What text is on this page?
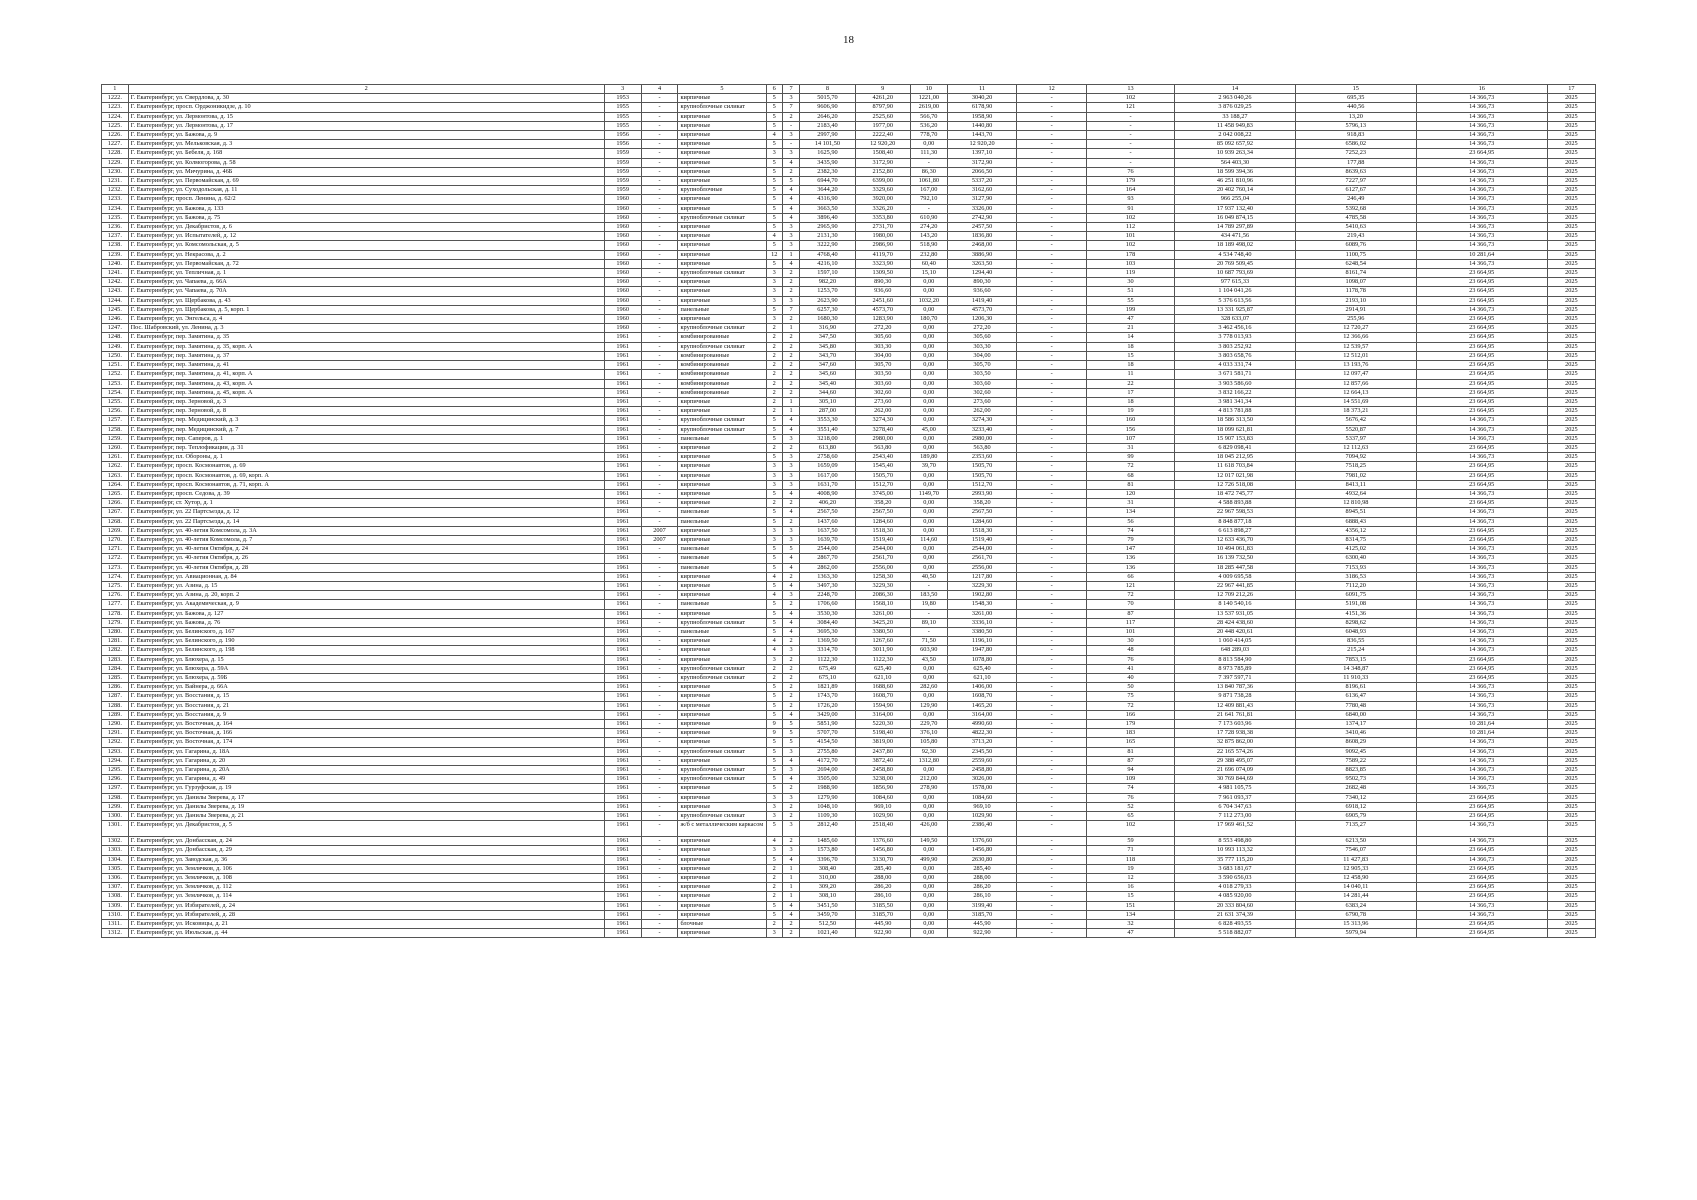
18
1	2	3	4	5	6	7	8	9	10	11	12	13	14	15	16	17
1222.	Г. Екатеринбург, ул. Свердлова, д. 30	1953	-	кирпичные	5	3	5015,70	4261,20	1221,00	3040,20	-	102	2 963 040,26	695,35	14 366,73	2025
1223.	Г. Екатеринбург, просп. Орджоникидзе, д. 10	1955	-	крупноблочные силикат	5	7	9606,90	8797,90	2619,00	6178,90	-	121	3 876 029,25	440,56	14 366,73	2025
1224.	Г. Екатеринбург, ул. Лермонтова, д. 15	1955	-	кирпичные	5	2	2646,20	2525,60	566,70	1958,90	-	-	33 188,27	13,20	14 366,73	2025
1225.	Г. Екатеринбург, ул. Лермонтова, д. 17	1955	-	кирпичные	5	-	2183,40	1977,00	536,20	1440,80	-	-	11 458 949,83	5796,13	14 366,73	2025
1226.	Г. Екатеринбург, ул. Бажова, д. 9	1956	-	кирпичные	4	3	2997,90	2222,40	778,70	1443,70	-	-	2 042 008,22	918,83	14 366,73	2025
1227.	Г. Екатеринбург, ул. Мельковская, д. 3	1956	-	кирпичные	5	-	14 101,50	12 920,20	0,00	12 920,20	-	-	85 092 657,92	6586,02	14 366,73	2025
1228.	Г. Екатеринбург, ул. Бебеля, д. 168	1959	-	кирпичные	3	3	1625,90	1508,40	111,30	1397,10	-	-	10 939 263,34	7252,23	23 664,95	2025
1229.	Г. Екатеринбург, ул. Колмогорова, д. 58	1959	-	кирпичные	5	4	3435,90	3172,90	-	3172,90	-	-	564 403,30	177,88	14 366,73	2025
1230.	Г. Екатеринбург, ул. Мичурина, д. 46Б	1959	-	кирпичные	5	2	2382,30	2152,80	86,30	2066,50	-	76	18 599 394,36	8639,63	14 366,73	2025
1231.	Г. Екатеринбург, ул. Первомайская, д. 69	1959	-	кирпичные	5	5	6944,70	6399,00	1061,80	5337,20	-	179	46 251 810,96	7227,97	14 366,73	2025
1232.	Г. Екатеринбург, ул. Суходольская, д. 11	1959	-	крупноблочные	5	4	3644,20	3329,60	167,00	3162,60	-	164	20 402 760,14	6127,67	14 366,73	2025
1233.	Г. Екатеринбург, просп. Ленина, д. 62/2	1960	-	кирпичные	5	4	4316,90	3920,00	792,10	3127,90	-	93	966 255,04	246,49	14 366,73	2025
1234.	Г. Екатеринбург, ул. Бажова, д. 133	1960	-	кирпичные	5	4	3663,50	3326,20	-	3326,00	-	91	17 937 132,40	5392,68	14 366,73	2025
1235.	Г. Екатеринбург, ул. Бажова, д. 75	1960	-	крупноблочные силикат	5	4	3896,40	3353,80	610,90	2742,90	-	102	16 049 874,15	4785,58	14 366,73	2025
1236.	Г. Екатеринбург, ул. Декабристов, д. 6	1960	-	кирпичные	5	3	2965,90	2731,70	274,20	2457,50	-	112	14 789 297,89	5410,63	14 366,73	2025
1237.	Г. Екатеринбург, ул. Испытателей, д. 12	1960	-	кирпичные	4	3	2131,30	1980,00	143,20	1836,80	-	101	434 471,56	219,43	14 366,73	2025
1238.	Г. Екатеринбург, ул. Комсомольская, д. 5	1960	-	кирпичные	5	3	3222,90	2986,90	518,90	2468,00	-	102	18 189 498,02	6089,76	14 366,73	2025
1239.	Г. Екатеринбург, ул. Некрасова, д. 2	1960	-	кирпичные	12	1	4768,40	4119,70	232,80	3886,90	-	178	4 534 748,40	1100,75	10 281,64	2025
1240.	Г. Екатеринбург, ул. Первомайская, д. 72	1960	-	кирпичные	5	4	4216,10	3323,90	60,40	3263,50	-	103	20 769 509,45	6248,54	14 366,73	2025
1241.	Г. Екатеринбург, ул. Тепличная, д. 1	1960	-	крупноблочные силикат	3	2	1597,10	1309,50	15,10	1294,40	-	119	10 687 793,69	8161,74	23 664,95	2025
1242.	Г. Екатеринбург, ул. Чапаева, д. 66А	1960	-	кирпичные	3	2	982,20	890,30	0,00	890,30	-	30	977 615,33	1098,07	23 664,95	2025
1243.	Г. Екатеринбург, ул. Чапаева, д. 70А	1960	-	кирпичные	3	2	1253,70	936,60	0,00	936,60	-	51	1 104 041,26	1178,78	23 664,95	2025
1244.	Г. Екатеринбург, ул. Щербакова, д. 43	1960	-	кирпичные	3	3	2623,90	2451,60	1032,20	1419,40	-	55	5 376 613,56	2193,10	23 664,95	2025
1245.	Г. Екатеринбург, ул. Щербакова, д. 5, корп. 1	1960	-	панельные	5	7	6257,30	4573,70	0,00	4573,70	-	199	13 331 925,87	2914,91	14 366,73	2025
1246.	Г. Екатеринбург, ул. Энгельса, д. 4	1960	-	кирпичные	3	2	1680,30	1283,90	180,70	1206,30	-	47	328 633,07	255,96	23 664,95	2025
1247.	Пос. Шабровский, ул. Ленина, д. 3	1960	-	крупноблочные силикат	2	1	316,90	272,20	0,00	272,20	-	21	3 462 456,16	12 720,27	23 664,95	2025
1248.	Г. Екатеринбург, пер. Замятина, д. 35	1961	-	комбинированные	2	2	347,50	305,60	0,00	305,60	-	14	3 778 013,93	12 366,66	23 664,95	2025
1249.	Г. Екатеринбург, пер. Замятина, д. 35, корп. А	1961	-	крупноблочные силикат	2	2	345,80	303,30	0,00	303,30	-	18	3 803 252,92	12 539,57	23 664,95	2025
1250.	Г. Екатеринбург, пер. Замятина, д. 37	1961	-	комбинированные	2	2	343,70	304,00	0,00	304,00	-	15	3 803 658,76	12 512,01	23 664,95	2025
1251.	Г. Екатеринбург, пер. Замятина, д. 41	1961	-	комбинированные	2	2	347,60	305,70	0,00	305,70	-	18	4 033 331,74	13 193,76	23 664,95	2025
1252.	Г. Екатеринбург, пер. Замятина, д. 41, корп. А	1961	-	комбинированные	2	2	345,60	303,50	0,00	303,50	-	11	3 671 581,71	12 097,47	23 664,95	2025
1253.	Г. Екатеринбург, пер. Замятина, д. 43, корп. А	1961	-	комбинированные	2	2	345,40	303,60	0,00	303,60	-	22	3 903 586,60	12 857,66	23 664,95	2025
1254.	Г. Екатеринбург, пер. Замятина, д. 45, корп. А	1961	-	комбинированные	2	2	344,60	302,60	0,00	302,60	-	17	3 832 166,22	12 664,13	23 664,95	2025
1255.	Г. Екатеринбург, пер. Зерновой, д. 3	1961	-	кирпичные	2	1	305,10	273,60	0,00	273,60	-	18	3 981 341,34	14 551,69	23 664,95	2025
1256.	Г. Екатеринбург, пер. Зерновой, д. 8	1961	-	кирпичные	2	1	287,00	262,00	0,00	262,00	-	19	4 813 781,88	18 373,21	23 664,95	2025
1257.	Г. Екатеринбург, пер. Медицинский, д. 3	1961	-	крупноблочные силикат	5	4	3553,30	3274,30	0,00	3274,30	-	160	18 586 313,50	5676,42	14 366,73	2025
1258.	Г. Екатеринбург, пер. Медицинский, д. 7	1961	-	крупноблочные силикат	5	4	3551,40	3278,40	45,00	3233,40	-	156	18 099 621,81	5520,87	14 366,73	2025
1259.	Г. Екатеринбург, пер. Саперов, д. 1	1961	-	панельные	5	3	3218,00	2980,00	0,00	2980,00	-	107	15 907 153,83	5337,97	14 366,73	2025
1260.	Г. Екатеринбург, пер. Теплофикации, д. 31	1961	-	кирпичные	2	2	613,80	563,80	0,00	563,80	-	31	6 829 098,41	12 112,63	23 664,95	2025
1261.	Г. Екатеринбург, пл. Обороны, д. 1	1961	-	кирпичные	5	3	2758,60	2543,40	189,80	2353,60	-	99	18 045 212,95	7094,92	14 366,73	2025
1262.	Г. Екатеринбург, просп. Космонавтов, д. 69	1961	-	кирпичные	3	3	1659,09	1545,40	39,70	1505,70	-	72	11 618 703,84	7518,25	23 664,95	2025
1263.	Г. Екатеринбург, просп. Космонавтов, д. 69, корп. А	1961	-	кирпичные	3	3	1617,00	1505,70	0,00	1505,70	-	68	12 017 021,98	7981,02	23 664,95	2025
1264.	Г. Екатеринбург, просп. Космонавтов, д. 71, корп. А	1961	-	кирпичные	3	3	1631,70	1512,70	0,00	1512,70	-	81	12 726 518,08	8413,11	23 664,95	2025
1265.	Г. Екатеринбург, просп. Седова, д. 39	1961	-	кирпичные	5	4	4008,90	3745,00	1149,70	2993,90	-	120	18 472 745,77	4932,64	14 366,73	2025
1266.	Г. Екатеринбург, ст. Хутор, д. 1	1961	-	кирпичные	2	2	406,20	358,20	0,00	358,20	-	31	4 588 893,88	12 810,98	23 664,95	2025
1267.	Г. Екатеринбург, ул. 22 Партсъезда, д. 12	1961	-	панельные	5	4	2567,50	2567,50	0,00	2567,50	-	134	22 967 598,53	8945,51	14 366,73	2025
1268.	Г. Екатеринбург, ул. 22 Партсъезда, д. 14	1961	-	панельные	5	2	1437,60	1284,60	0,00	1284,60	-	56	8 848 877,18	6888,43	14 366,73	2025
1269.	Г. Екатеринбург, ул. 40-летия Комсомола, д. 3А	1961	2007	кирпичные	3	3	1637,50	1518,30	0,00	1518,30	-	74	6 613 898,27	4356,12	23 664,95	2025
1270.	Г. Екатеринбург, ул. 40-летия Комсомола, д. 7	1961	2007	кирпичные	3	3	1639,70	1519,40	114,60	1519,40	-	79	12 633 436,70	8314,75	23 664,95	2025
1271.	Г. Екатеринбург, ул. 40-летия Октября, д. 24	1961	-	панельные	5	5	2544,00	2544,00	0,00	2544,00	-	147	10 494 061,83	4125,02	14 366,73	2025
1272.	Г. Екатеринбург, ул. 40-летия Октября, д. 26	1961	-	панельные	5	4	2867,70	2561,70	0,00	2561,70	-	136	16 139 732,50	6300,40	14 366,73	2025
1273.	Г. Екатеринбург, ул. 40-летия Октября, д. 28	1961	-	панельные	5	4	2862,00	2556,00	0,00	2556,00	-	136	18 285 447,58	7153,93	14 366,73	2025
1274.	Г. Екатеринбург, ул. Авиационная, д. 84	1961	-	кирпичные	4	2	1363,30	1258,30	40,50	1217,80	-	66	4 009 695,58	3186,53	14 366,73	2025
1275.	Г. Екатеринбург, ул. Азина, д. 15	1961	-	кирпичные	5	4	3497,30	3229,30	-	3229,30	-	121	22 967 441,85	7112,20	14 366,73	2025
1276.	Г. Екатеринбург, ул. Азина, д. 20, корп. 2	1961	-	кирпичные	4	3	2248,70	2086,30	183,50	1902,80	-	72	12 709 212,26	6091,75	14 366,73	2025
1277.	Г. Екатеринбург, ул. Академическая, д. 9	1961	-	панельные	5	2	1706,60	1568,10	19,80	1548,30	-	70	8 140 540,16	5191,08	14 366,73	2025
1278.	Г. Екатеринбург, ул. Бажова, д. 127	1961	-	кирпичные	5	4	3530,30	3261,00	-	3261,00	-	87	13 537 931,05	4151,36	14 366,73	2025
1279.	Г. Екатеринбург, ул. Бажова, д. 76	1961	-	крупноблочные силикат	5	4	3084,40	3425,20	89,10	3336,10	-	117	28 424 438,60	8298,62	14 366,73	2025
1280.	Г. Екатеринбург, ул. Белинского, д. 167	1961	-	панельные	5	4	3695,30	3380,50	-	3380,50	-	101	20 448 420,61	6048,93	14 366,73	2025
1281.	Г. Екатеринбург, ул. Белинского, д. 190	1961	-	кирпичные	4	2	1369,50	1267,60	71,50	1196,10	-	30	1 060 414,05	836,55	14 366,73	2025
1282.	Г. Екатеринбург, ул. Белинского, д. 198	1961	-	кирпичные	4	3	3314,70	3011,90	603,90	1947,80	-	48	648 289,03	215,24	14 366,73	2025
1283.	Г. Екатеринбург, ул. Блюхера, д. 15	1961	-	кирпичные	3	2	1122,30	1122,30	43,50	1078,80	-	76	8 813 584,90	7853,15	23 664,95	2025
1284.	Г. Екатеринбург, ул. Блюхера, д. 59А	1961	-	крупноблочные силикат	2	2	675,49	625,40	0,00	625,40	-	41	8 973 785,89	14 348,87	23 664,95	2025
1285.	Г. Екатеринбург, ул. Блюхера, д. 59Б	1961	-	крупноблочные силикат	2	2	675,10	621,10	0,00	621,10	-	40	7 397 597,71	11 910,33	23 664,95	2025
1286.	Г. Екатеринбург, ул. Вайнера, д. 66А	1961	-	кирпичные	5	2	1821,89	1688,60	282,60	1406,00	-	50	13 840 787,36	8196,61	14 366,73	2025
1287.	Г. Екатеринбург, ул. Восстания, д. 15	1961	-	кирпичные	5	2	1743,70	1608,70	0,00	1608,70	-	75	9 871 738,28	6136,47	14 366,73	2025
1288.	Г. Екатеринбург, ул. Восстания, д. 21	1961	-	кирпичные	5	2	1726,20	1594,90	129,90	1465,20	-	72	12 409 881,43	7780,48	14 366,73	2025
1289.	Г. Екатеринбург, ул. Восстания, д. 9	1961	-	кирпичные	5	4	3429,00	3164,00	0,00	3164,00	-	166	21 641 761,81	6840,00	14 366,73	2025
1290.	Г. Екатеринбург, ул. Восточная, д. 164	1961	-	кирпичные	9	5	5851,90	5220,30	229,70	4990,60	-	179	7 173 603,96	1374,17	10 281,64	2025
1291.	Г. Екатеринбург, ул. Восточная, д. 166	1961	-	кирпичные	9	5	5707,70	5198,40	376,10	4822,30	-	183	17 728 938,38	3410,46	10 281,64	2025
1292.	Г. Екатеринбург, ул. Восточная, д. 174	1961	-	кирпичные	5	5	4154,50	3819,00	105,80	3713,20	-	165	32 875 862,00	8608,29	14 366,73	2025
1293.	Г. Екатеринбург, ул. Гагарина, д. 18А	1961	-	крупноблочные силикат	5	3	2755,80	2437,80	92,30	2345,50	-	81	22 165 574,26	9092,45	14 366,73	2025
1294.	Г. Екатеринбург, ул. Гагарина, д. 20	1961	-	кирпичные	5	4	4172,70	3872,40	1312,80	2559,60	-	87	29 388 495,07	7589,22	14 366,73	2025
1295.	Г. Екатеринбург, ул. Гагарина, д. 20А	1961	-	крупноблочные силикат	5	3	2694,00	2458,80	0,00	2458,80	-	94	21 696 074,09	8823,85	14 366,73	2025
1296.	Г. Екатеринбург, ул. Гагарина, д. 49	1961	-	крупноблочные силикат	5	4	3505,00	3238,00	212,00	3026,00	-	109	30 769 844,69	9502,73	14 366,73	2025
1297.	Г. Екатеринбург, ул. Гурзуфская, д. 19	1961	-	кирпичные	5	2	1988,90	1856,90	278,90	1578,00	-	74	4 981 105,75	2682,48	14 366,73	2025
1298.	Г. Екатеринбург, ул. Данилы Зверева, д. 17	1961	-	кирпичные	3	3	1279,90	1084,60	0,00	1084,60	-	76	7 961 093,37	7340,12	23 664,95	2025
1299.	Г. Екатеринбург, ул. Данилы Зверева, д. 19	1961	-	кирпичные	3	2	1048,10	969,10	0,00	969,10	-	52	6 704 347,63	6918,12	23 664,95	2025
1300.	Г. Екатеринбург, ул. Данилы Зверева, д. 21	1961	-	крупноблочные силикат	3	2	1109,30	1029,90	0,00	1029,90	-	65	7 112 273,00	6905,79	23 664,95	2025
1301.	Г. Екатеринбург, ул. Декабристов, д. 5	1961	-	ж/б с металлическим каркасом	5	3	2812,40	2518,40	426,00	2386,40	-	102	17 969 461,52	7135,27	14 366,73	2025
1302.	Г. Екатеринбург, ул. Донбасская, д. 24	1961	-	кирпичные	4	2	1485,60	1376,60	149,50	1376,60	-	59	8 553 498,80	6213,50	14 366,73	2025
1303.	Г. Екатеринбург, ул. Донбасская, д. 29	1961	-	кирпичные	3	3	1573,80	1456,80	0,00	1456,80	-	71	10 993 113,32	7546,07	23 664,95	2025
1304.	Г. Екатеринбург, ул. Заводская, д. 36	1961	-	кирпичные	5	4	3396,70	3130,70	499,90	2630,80	-	118	35 777 115,20	11 427,83	14 366,73	2025
1305.	Г. Екатеринбург, ул. Землячков, д. 106	1961	-	кирпичные	2	1	308,40	285,40	0,00	285,40	-	19	3 683 181,67	12 905,33	23 664,95	2025
1306.	Г. Екатеринбург, ул. Землячков, д. 108	1961	-	кирпичные	2	1	310,00	288,00	0,00	288,00	-	12	3 590 656,03	12 458,90	23 664,95	2025
1307.	Г. Екатеринбург, ул. Землячков, д. 112	1961	-	кирпичные	2	1	309,20	286,20	0,00	286,20	-	16	4 018 279,33	14 040,11	23 664,95	2025
1308.	Г. Екатеринбург, ул. Землячков, д. 114	1961	-	кирпичные	2	1	308,10	286,10	0,00	286,10	-	15	4 085 920,00	14 281,44	23 664,95	2025
1309.	Г. Екатеринбург, ул. Избирателей, д. 24	1961	-	кирпичные	5	4	3451,50	3185,50	0,00	3199,40	-	151	20 333 804,60	6383,24	14 366,73	2025
1310.	Г. Екатеринбург, ул. Избирателей, д. 28	1961	-	кирпичные	5	4	3459,70	3185,70	0,00	3185,70	-	134	21 631 374,39	6790,78	14 366,73	2025
1311.	Г. Екатеринбург, ул. Исковицы, д. 21	1961	-	блочные	2	2	512,50	445,90	0,00	445,90	-	32	6 828 493,55	15 313,96	23 664,95	2025
1312.	Г. Екатеринбург, ул. Июльская, д. 44	1961	-	кирпичные	3	2	1021,40	922,90	0,00	922,90	-	47	5 518 882,07	5979,94	23 664,95	2025
